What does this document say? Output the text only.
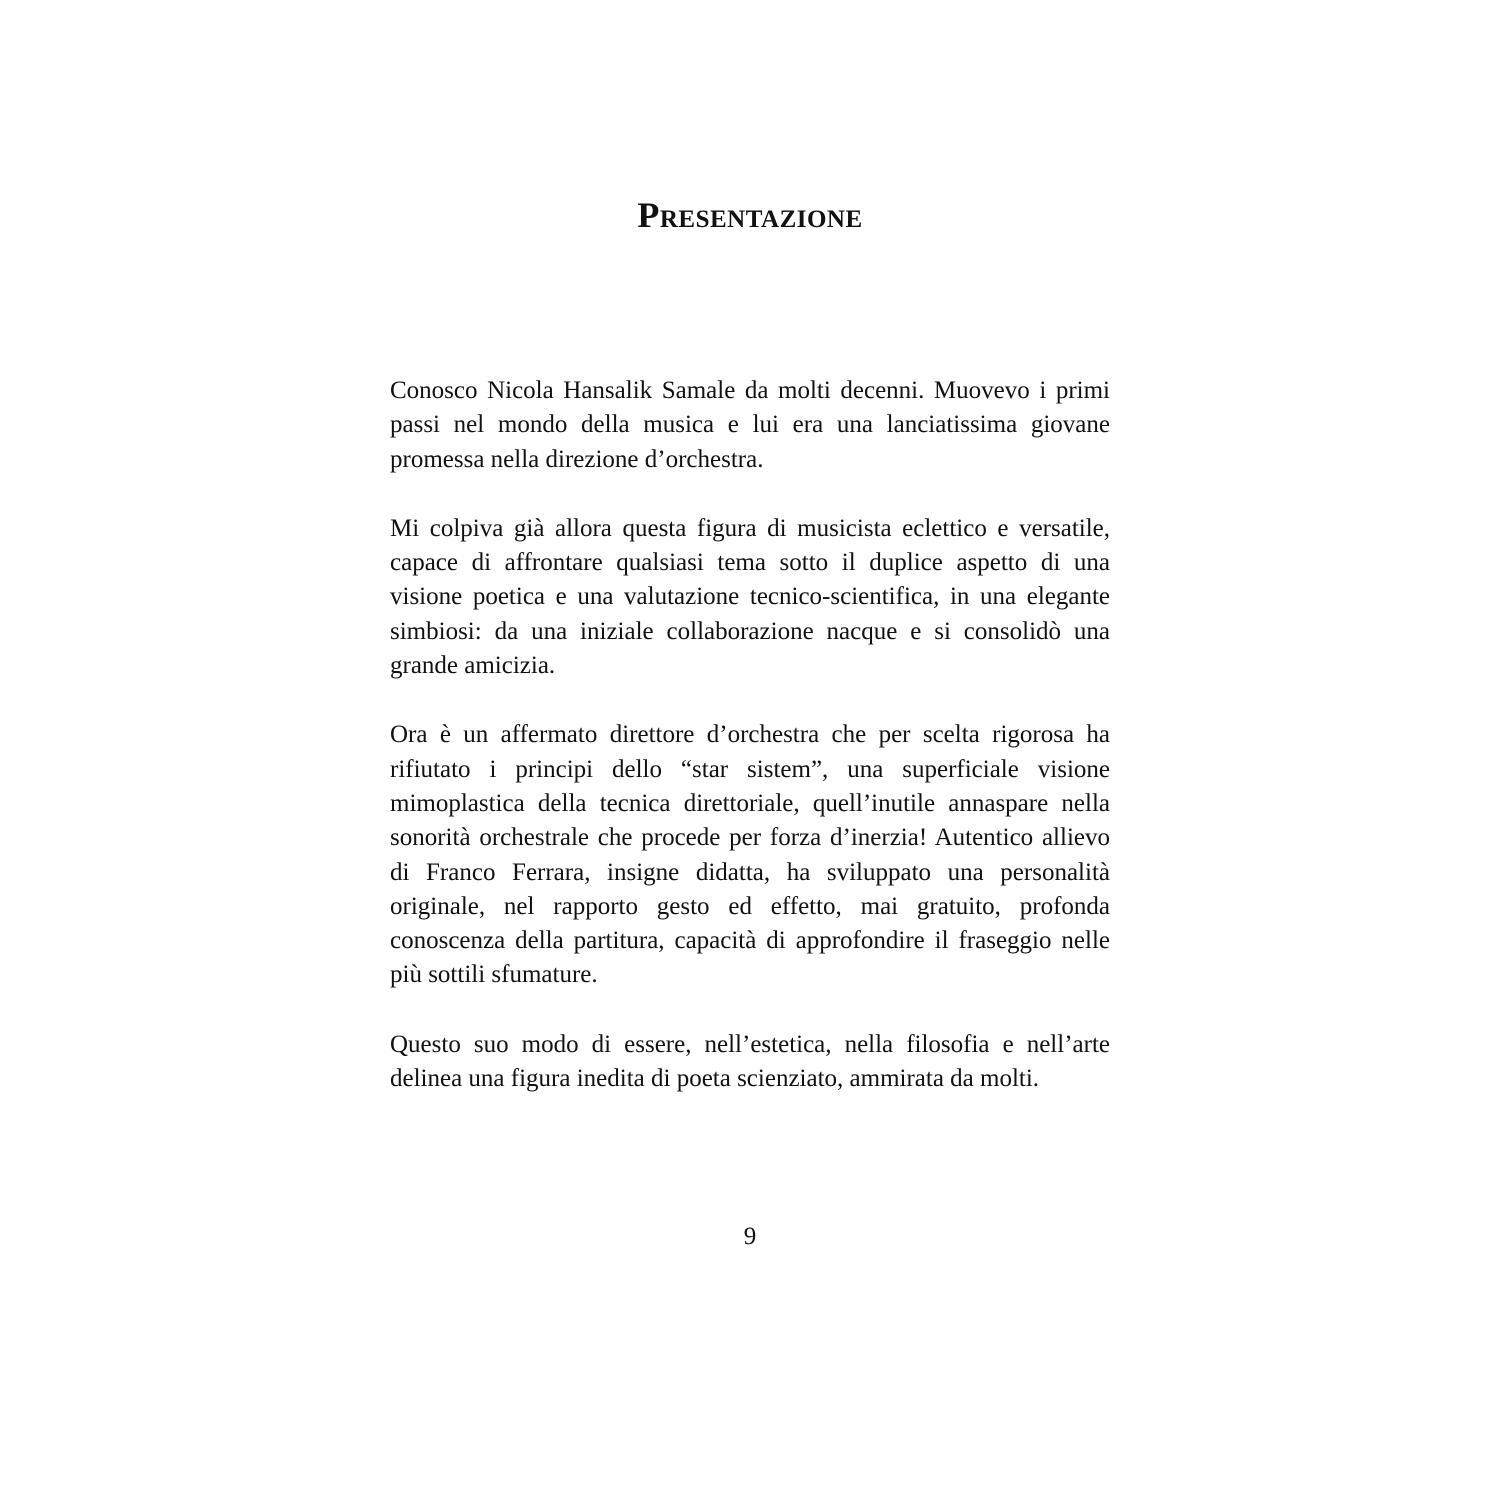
Presentazione

Conosco Nicola Hansalik Samale da molti decenni. Muovevo i primi passi nel mondo della musica e lui era una lanciatissima giovane promessa nella direzione d’orchestra.

Mi colpiva già allora questa figura di musicista eclettico e versatile, capace di affrontare qualsiasi tema sotto il duplice aspetto di una visione poetica e una valutazione tecnico-scientifica, in una elegante simbiosi: da una iniziale collaborazione nacque e si consolidò una grande amicizia.

Ora è un affermato direttore d’orchestra che per scelta rigorosa ha rifiutato i principi dello “star sistem”, una superficiale visione mimoplastica della tecnica direttoriale, quell’inutile annaspare nella sonorità orchestrale che procede per forza d’inerzia! Autentico allievo di Franco Ferrara, insigne didatta, ha sviluppato una personalità originale, nel rapporto gesto ed effetto, mai gratuito, profonda conoscenza della partitura, capacità di approfondire il fraseggio nelle più sottili sfumature.

Questo suo modo di essere, nell’estetica, nella filosofia e nell’arte delinea una figura inedita di poeta scienziato, ammirata da molti.

9
